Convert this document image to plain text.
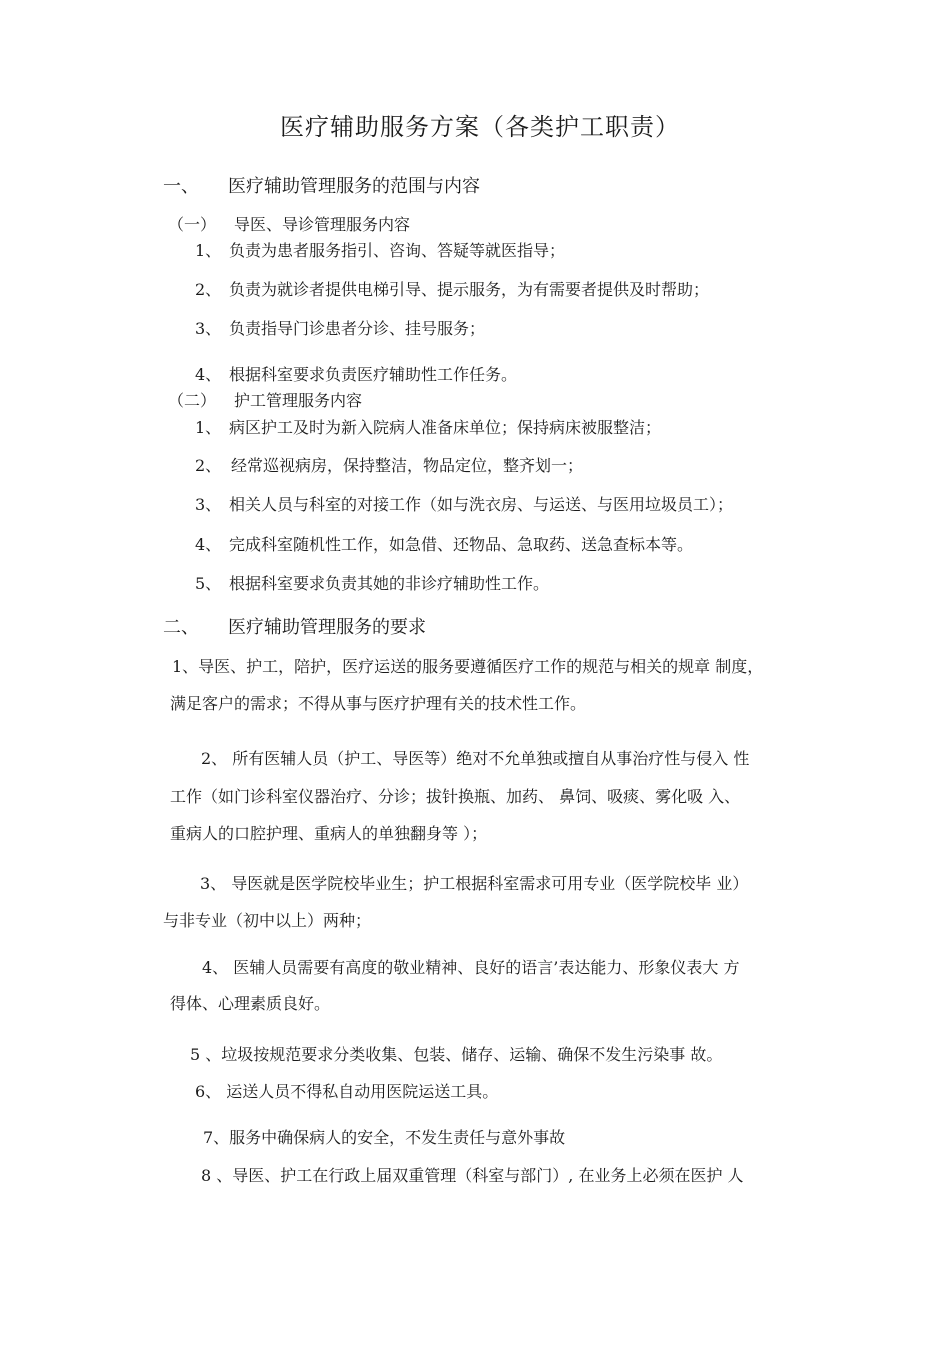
医疗辅助服务方案（各类护工职责）
一、 医疗辅助管理服务的范围与内容
（一） 导医、导诊管理服务内容
1、 负责为患者服务指引、咨询、答疑等就医指导；
2、 负责为就诊者提供电梯引导、提示服务，为有需要者提供及时帮助；
3、 负责指导门诊患者分诊、挂号服务；
4、 根据科室要求负责医疗辅助性工作任务。
（二） 护工管理服务内容
1、 病区护工及时为新入院病人准备床单位；保持病床被服整洁；
2、 经常巡视病房，保持整洁，物品定位，整齐划一；
3、 相关人员与科室的对接工作（如与洗衣房、与运送、与医用垃圾员工）；
4、 完成科室随机性工作，如急借、还物品、急取药、送急查标本等。
5、 根据科室要求负责其她的非诊疗辅助性工作。
二、 医疗辅助管理服务的要求
1、导医、护工，陪护，医疗运送的服务要遵循医疗工作的规范与相关的规章 制度，
满足客户的需求；不得从事与医疗护理有关的技术性工作。
2、 所有医辅人员（护工、导医等）绝对不允单独或擅自从事治疗性与侵入 性
工作（如门诊科室仪器治疗、分诊；拔针换瓶、加药、 鼻饲、吸痰、雾化吸 入、
重病人的口腔护理、重病人的单独翻身等 ）；
3、 导医就是医学院校毕业生；护工根据科室需求可用专业（医学院校毕 业）
与非专业（初中以上）两种；
4、 医辅人员需要有高度的敬业精神、良好的语言’表达能力、形象仪表大 方
得体、心理素质良好。
5 、垃圾按规范要求分类收集、包装、储存、运输、确保不发生污染事 故。
6、 运送人员不得私自动用医院运送工具。
7、服务中确保病人的安全，不发生责任与意外事故
8 、导医、护工在行政上届双重管理（科室与部门）, 在业务上必须在医护 人
